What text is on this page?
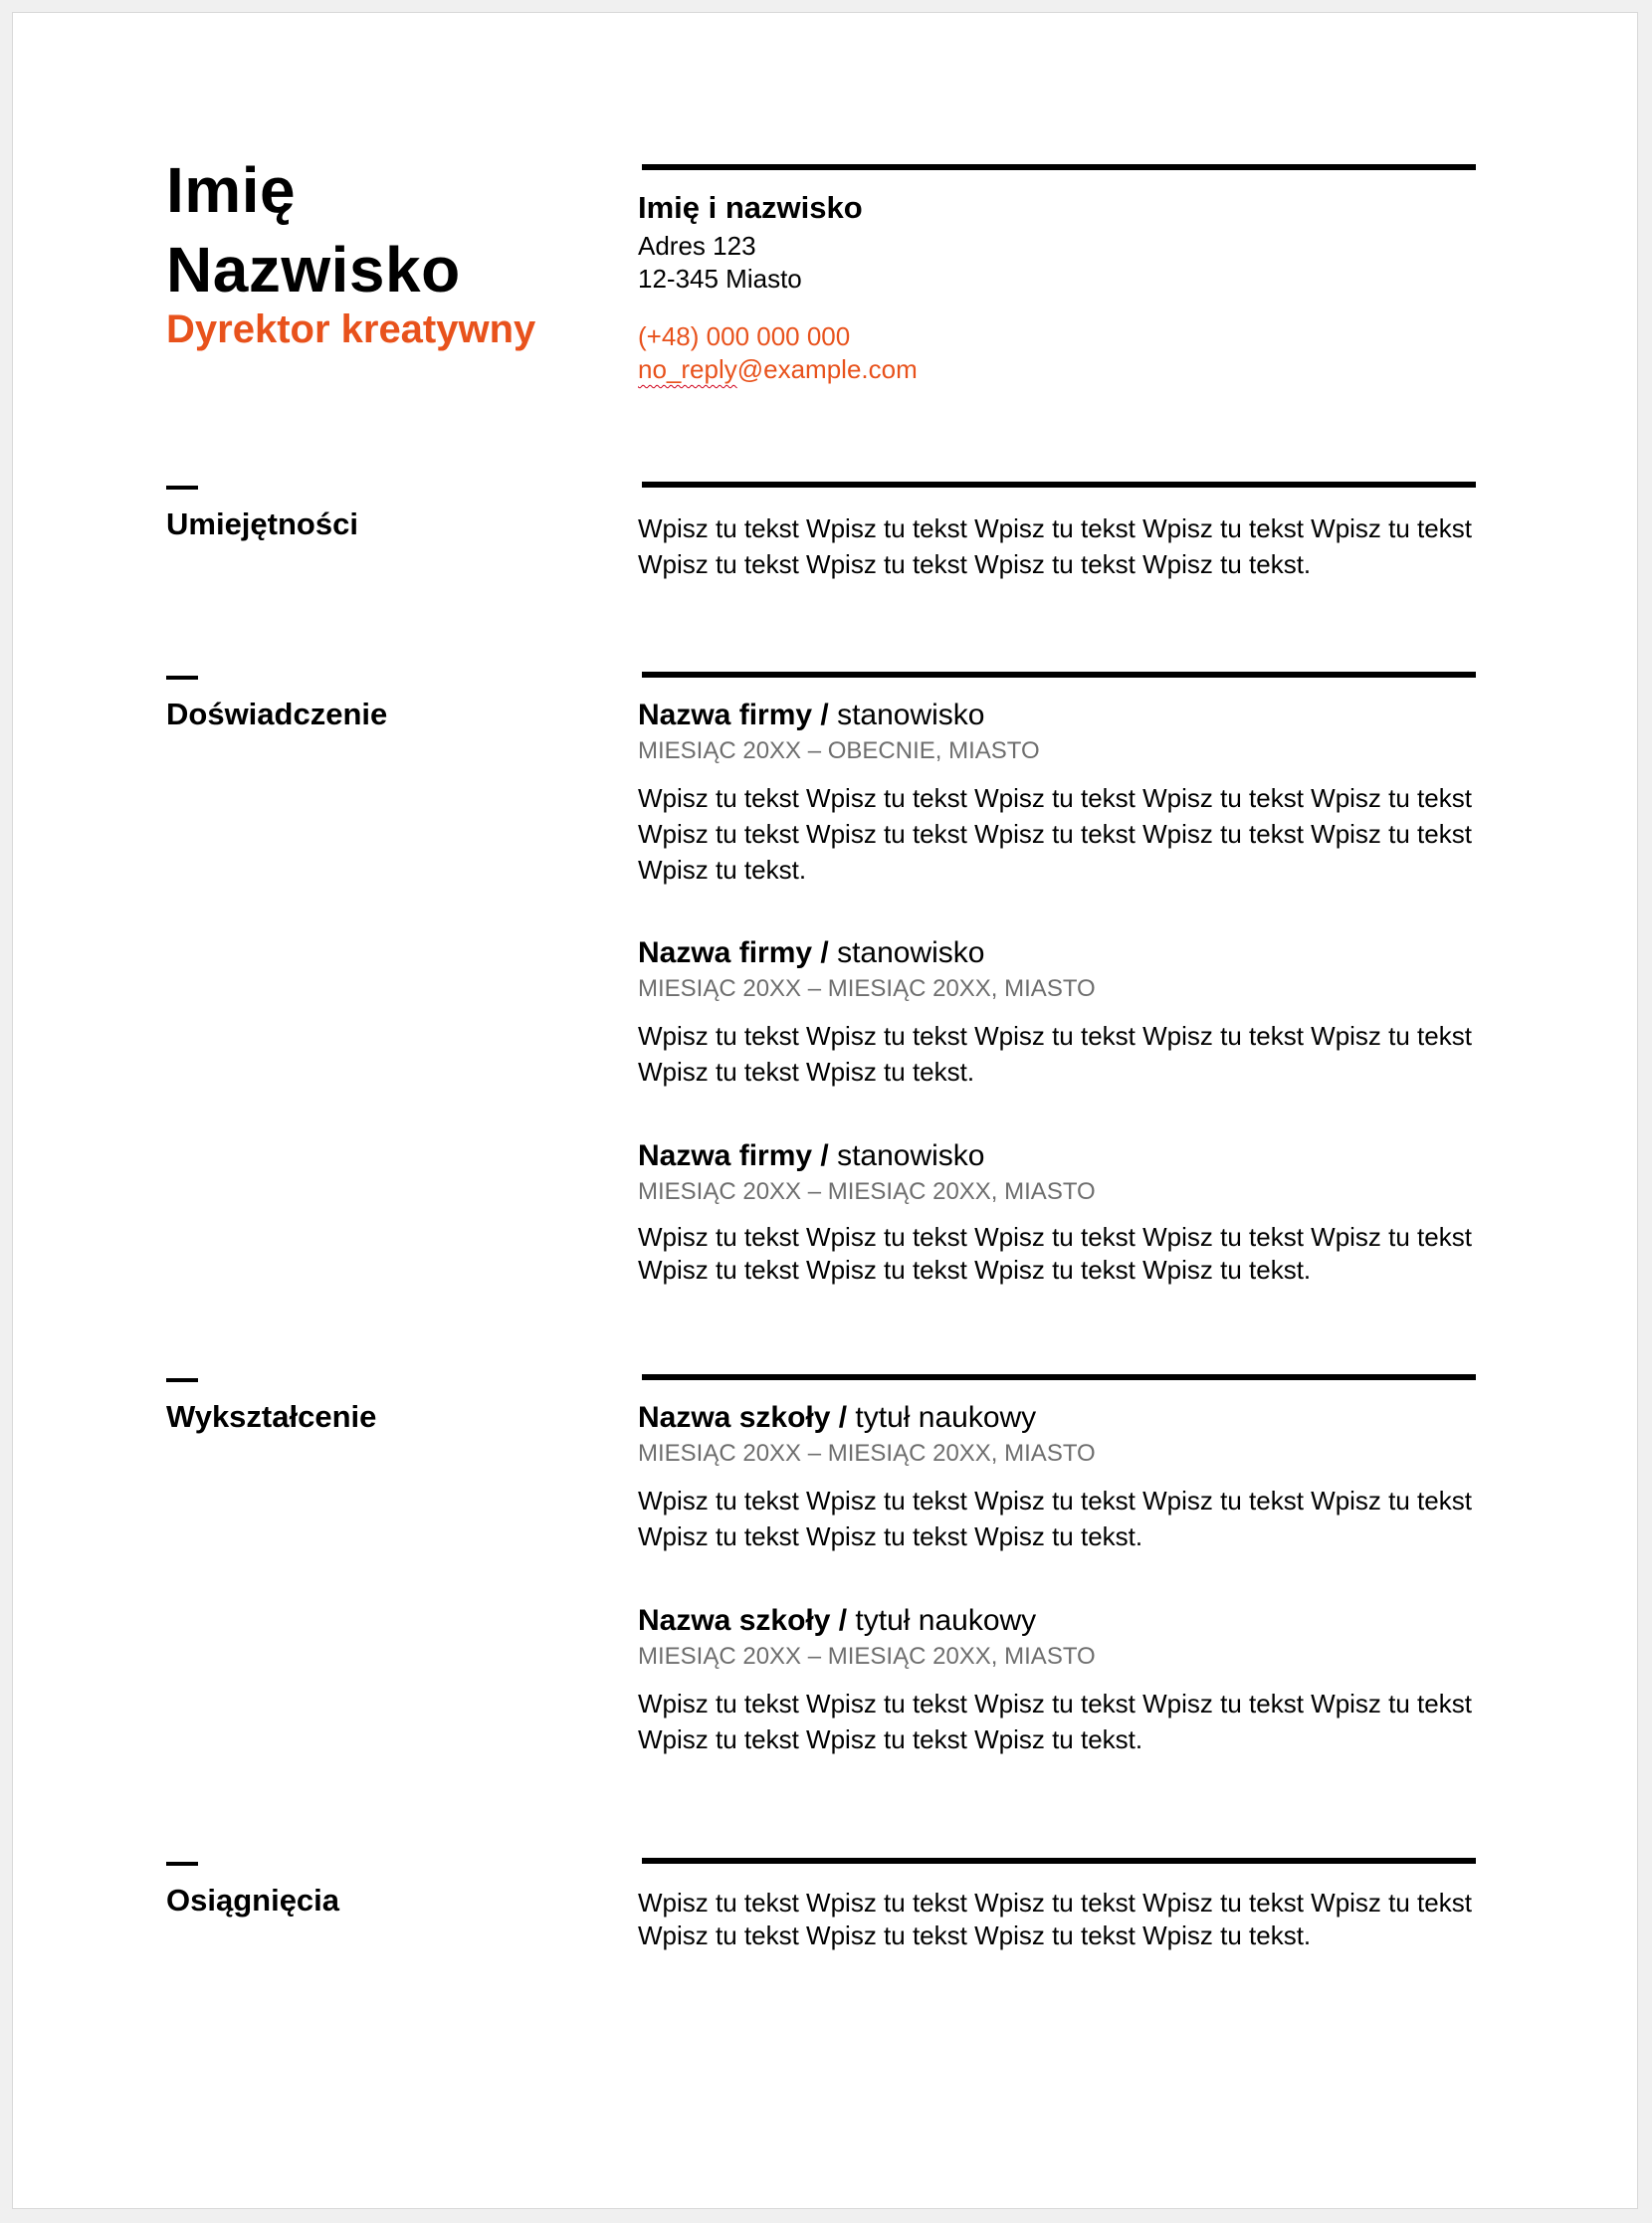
Imię
Nazwisko
Dyrektor kreatywny
Imię i nazwisko
Adres 123
12-345 Miasto
(+48) 000 000 000
no_reply@example.com
Umiejętności	Wpisz tu tekst Wpisz tu tekst Wpisz tu tekst Wpisz tu tekst Wpisz tu tekst Wpisz tu tekst Wpisz tu tekst Wpisz tu tekst Wpisz tu tekst.
Doświadczenie	Nazwa firmy / stanowisko
MIESIĄC 20XX – OBECNIE, MIASTO
Wpisz tu tekst Wpisz tu tekst Wpisz tu tekst Wpisz tu tekst Wpisz tu tekst Wpisz tu tekst Wpisz tu tekst Wpisz tu tekst Wpisz tu tekst Wpisz tu tekst Wpisz tu tekst.
Nazwa firmy / stanowisko
MIESIĄC 20XX – MIESIĄC 20XX, MIASTO
Wpisz tu tekst Wpisz tu tekst Wpisz tu tekst Wpisz tu tekst Wpisz tu tekst Wpisz tu tekst Wpisz tu tekst.
Nazwa firmy / stanowisko
MIESIĄC 20XX – MIESIĄC 20XX, MIASTO
Wpisz tu tekst Wpisz tu tekst Wpisz tu tekst Wpisz tu tekst Wpisz tu tekst Wpisz tu tekst Wpisz tu tekst Wpisz tu tekst Wpisz tu tekst.
Wykształcenie	Nazwa szkoły / tytuł naukowy
MIESIĄC 20XX – MIESIĄC 20XX, MIASTO
Wpisz tu tekst Wpisz tu tekst Wpisz tu tekst Wpisz tu tekst Wpisz tu tekst Wpisz tu tekst Wpisz tu tekst Wpisz tu tekst.
Nazwa szkoły / tytuł naukowy
MIESIĄC 20XX – MIESIĄC 20XX, MIASTO
Wpisz tu tekst Wpisz tu tekst Wpisz tu tekst Wpisz tu tekst Wpisz tu tekst Wpisz tu tekst Wpisz tu tekst Wpisz tu tekst.
Osiągnięcia	Wpisz tu tekst Wpisz tu tekst Wpisz tu tekst Wpisz tu tekst Wpisz tu tekst Wpisz tu tekst Wpisz tu tekst Wpisz tu tekst Wpisz tu tekst.
